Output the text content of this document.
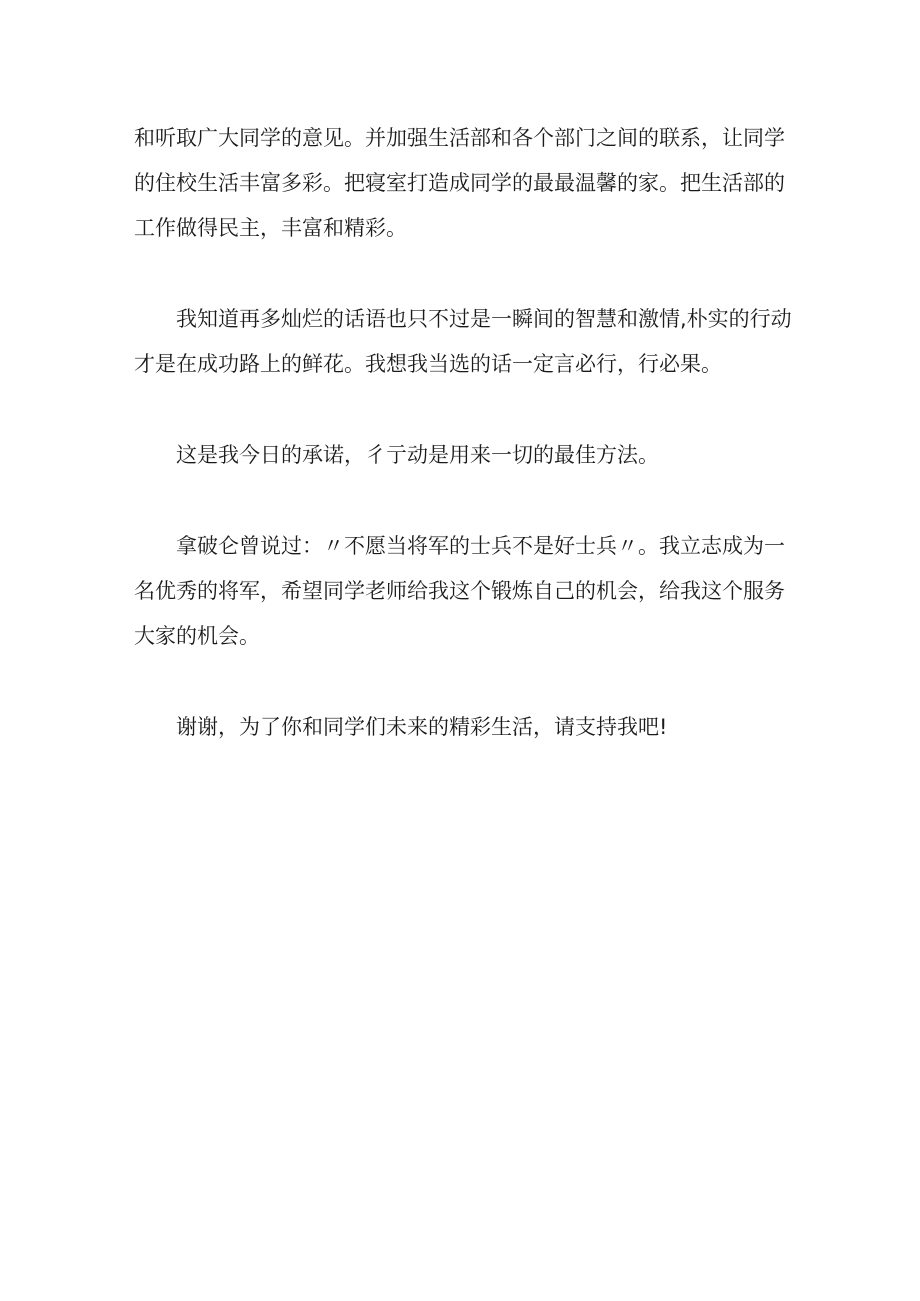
和听取广大同学的意见。并加强生活部和各个部门之间的联系，让同学的住校生活丰富多彩。把寝室打造成同学的最最温馨的家。把生活部的工作做得民主，丰富和精彩。

我知道再多灿烂的话语也只不过是一瞬间的智慧和激情,朴实的行动才是在成功路上的鲜花。我想我当选的话一定言必行，行必果。

这是我今日的承诺，彳亍动是用来一切的最佳方法。

拿破仑曾说过：〃不愿当将军的士兵不是好士兵〃。我立志成为一名优秀的将军，希望同学老师给我这个锻炼自己的机会，给我这个服务大家的机会。

谢谢，为了你和同学们未来的精彩生活，请支持我吧!
